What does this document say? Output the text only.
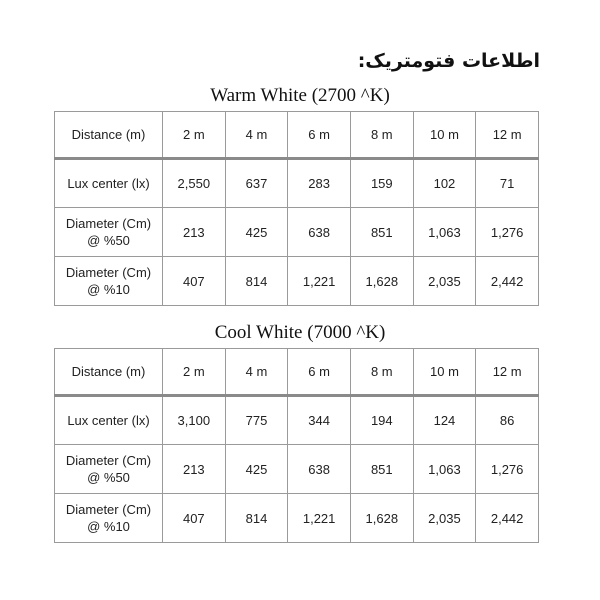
اطلاعات فتومتریک:
Warm White (2700 ^K)
Distance (m)	2 m	4 m	6 m	8 m	10 m	12 m
Lux center (lx)	2,550	637	283	159	102	71
Diameter (Cm)
@ %50	213	425	638	851	1,063	1,276
Diameter (Cm)
@ %10	407	814	1,221	1,628	2,035	2,442
Cool White (7000 ^K)
Distance (m)	2 m	4 m	6 m	8 m	10 m	12 m
Lux center (lx)	3,100	775	344	194	124	86
Diameter (Cm)
@ %50	213	425	638	851	1,063	1,276
Diameter (Cm)
@ %10	407	814	1,221	1,628	2,035	2,442
